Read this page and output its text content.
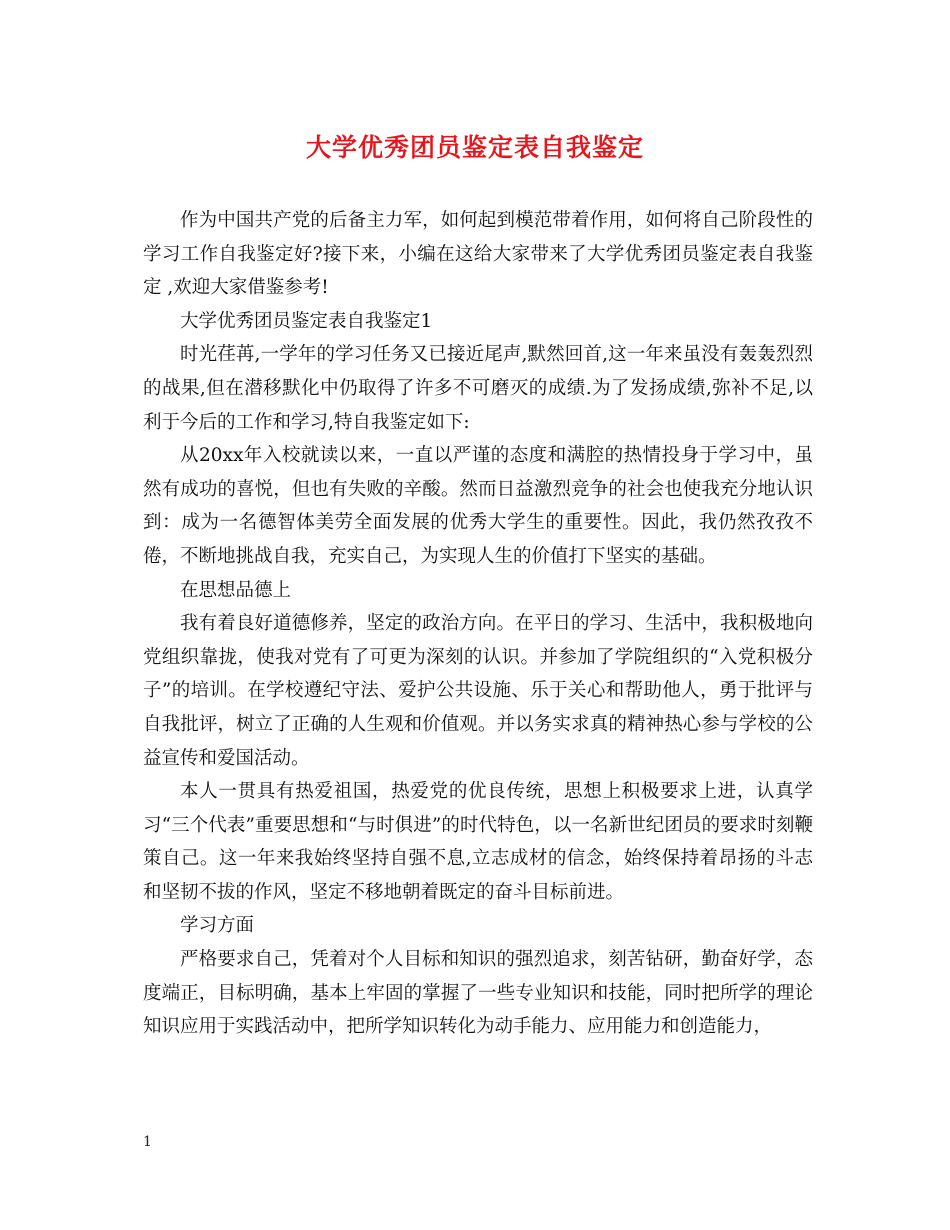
大学优秀团员鉴定表自我鉴定

作为中国共产党的后备主力军，如何起到模范带着作用，如何将自己阶段性的学习工作自我鉴定好?接下来，小编在这给大家带来了大学优秀团员鉴定表自我鉴定 ,欢迎大家借鉴参考!

大学优秀团员鉴定表自我鉴定1

时光荏苒,一学年的学习任务又已接近尾声,默然回首,这一年来虽没有轰轰烈烈的战果,但在潜移默化中仍取得了许多不可磨灭的成绩.为了发扬成绩,弥补不足,以利于今后的工作和学习,特自我鉴定如下:

从20xx年入校就读以来，一直以严谨的态度和满腔的热情投身于学习中，虽然有成功的喜悦，但也有失败的辛酸。然而日益激烈竞争的社会也使我充分地认识到：成为一名德智体美劳全面发展的优秀大学生的重要性。因此，我仍然孜孜不倦，不断地挑战自我，充实自己，为实现人生的价值打下坚实的基础。

在思想品德上

我有着良好道德修养，坚定的政治方向。在平日的学习、生活中，我积极地向党组织靠拢，使我对党有了可更为深刻的认识。并参加了学院组织的“入党积极分子”的培训。在学校遵纪守法、爱护公共设施、乐于关心和帮助他人，勇于批评与自我批评，树立了正确的人生观和价值观。并以务实求真的精神热心参与学校的公益宣传和爱国活动。

本人一贯具有热爱祖国，热爱党的优良传统，思想上积极要求上进，认真学习“三个代表”重要思想和“与时俱进”的时代特色，以一名新世纪团员的要求时刻鞭策自己。这一年来我始终坚持自强不息,立志成材的信念，始终保持着昂扬的斗志和坚韧不拔的作风，坚定不移地朝着既定的奋斗目标前进。

学习方面

严格要求自己，凭着对个人目标和知识的强烈追求，刻苦钻研，勤奋好学，态度端正，目标明确，基本上牢固的掌握了一些专业知识和技能，同时把所学的理论知识应用于实践活动中，把所学知识转化为动手能力、应用能力和创造能力，

1
